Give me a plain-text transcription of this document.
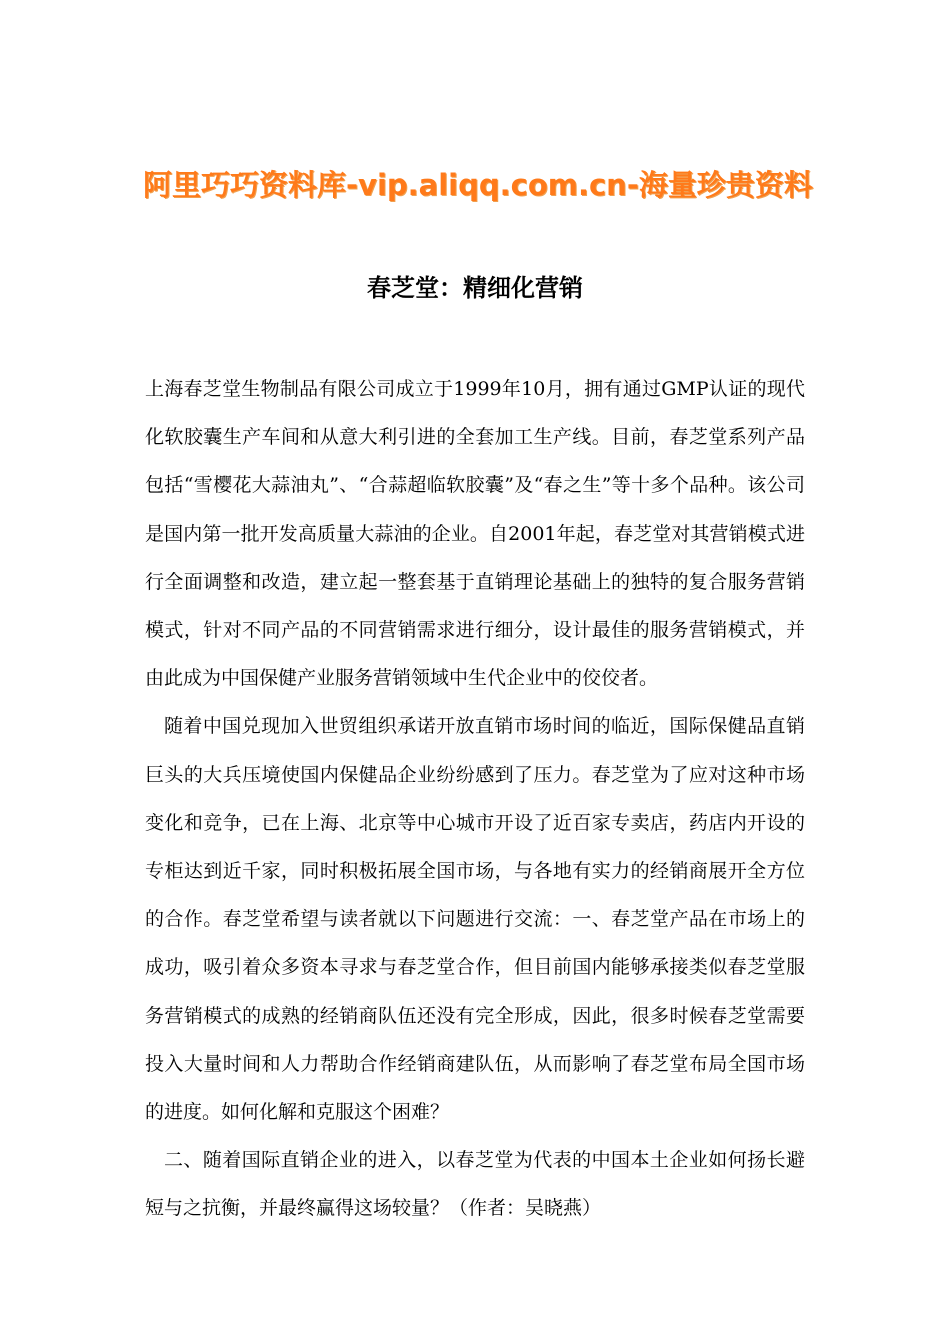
阿里巧巧资料库-vip.aliqq.com.cn-海量珍贵资料
春芝堂：精细化营销

上海春芝堂生物制品有限公司成立于1999年10月，拥有通过GMP认证的现代化软胶囊生产车间和从意大利引进的全套加工生产线。目前，春芝堂系列产品包括“雪樱花大蒜油丸”、“合蒜超临软胶囊”及“春之生”等十多个品种。该公司是国内第一批开发高质量大蒜油的企业。自2001年起，春芝堂对其营销模式进行全面调整和改造，建立起一整套基于直销理论基础上的独特的复合服务营销模式，针对不同产品的不同营销需求进行细分，设计最佳的服务营销模式，并由此成为中国保健产业服务营销领域中生代企业中的佼佼者。

随着中国兑现加入世贸组织承诺开放直销市场时间的临近，国际保健品直销巨头的大兵压境使国内保健品企业纷纷感到了压力。春芝堂为了应对这种市场变化和竞争，已在上海、北京等中心城市开设了近百家专卖店，药店内开设的专柜达到近千家，同时积极拓展全国市场，与各地有实力的经销商展开全方位的合作。春芝堂希望与读者就以下问题进行交流：一、春芝堂产品在市场上的成功，吸引着众多资本寻求与春芝堂合作，但目前国内能够承接类似春芝堂服务营销模式的成熟的经销商队伍还没有完全形成，因此，很多时候春芝堂需要投入大量时间和人力帮助合作经销商建队伍，从而影响了春芝堂布局全国市场的进度。如何化解和克服这个困难？

二、随着国际直销企业的进入，以春芝堂为代表的中国本土企业如何扬长避短与之抗衡，并最终赢得这场较量？（作者：吴晓燕）
